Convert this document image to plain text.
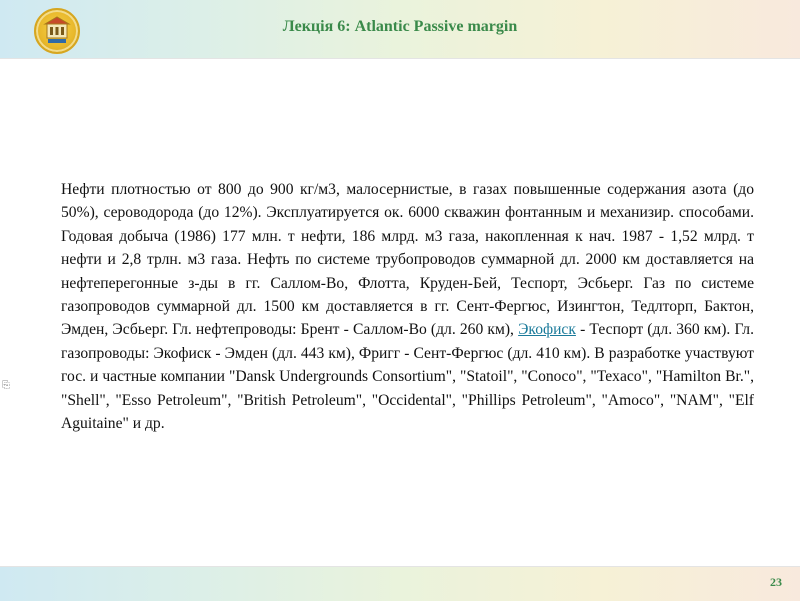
Лекція 6: Atlantic Passive margin
⎘
Нефти плотностью от 800 до 900 кг/м3, малосернистые, в газах повышенные содержания азота (до 50%), сероводорода (до 12%). Эксплуатируется ок. 6000 скважин фонтанным и механизир. способами. Годовая добыча (1986) 177 млн. т нефти, 186 млрд. м3 газа, накопленная к нач. 1987 - 1,52 млрд. т нефти и 2,8 трлн. м3 газа. Нефть по системе трубопроводов суммарной дл. 2000 км доставляется на нефтеперегонные з-ды в гг. Саллом-Во, Флотта, Круден-Бей, Теспорт, Эсбьерг. Газ по системе газопроводов суммарной дл. 1500 км доставляется в гг. Сент-Фергюс, Изингтон, Тедлторп, Бактон, Эмден, Эсбьерг. Гл. нефтепроводы: Брент - Саллом-Во (дл. 260 км), Экофиск - Теспорт (дл. 360 км). Гл. газопроводы: Экофиск - Эмден (дл. 443 км), Фригг - Сент-Фергюс (дл. 410 км). В разработке участвуют гос. и частные компании "Dansk Undergrounds Consortium", "Statoil", "Conoco", "Texaco", "Hamilton Br.", "Shell", "Esso Petroleum", "British Petroleum", "Occidental", "Phillips Petroleum", "Amoco", "NAM", "Elf Aguitaine" и др.
23
